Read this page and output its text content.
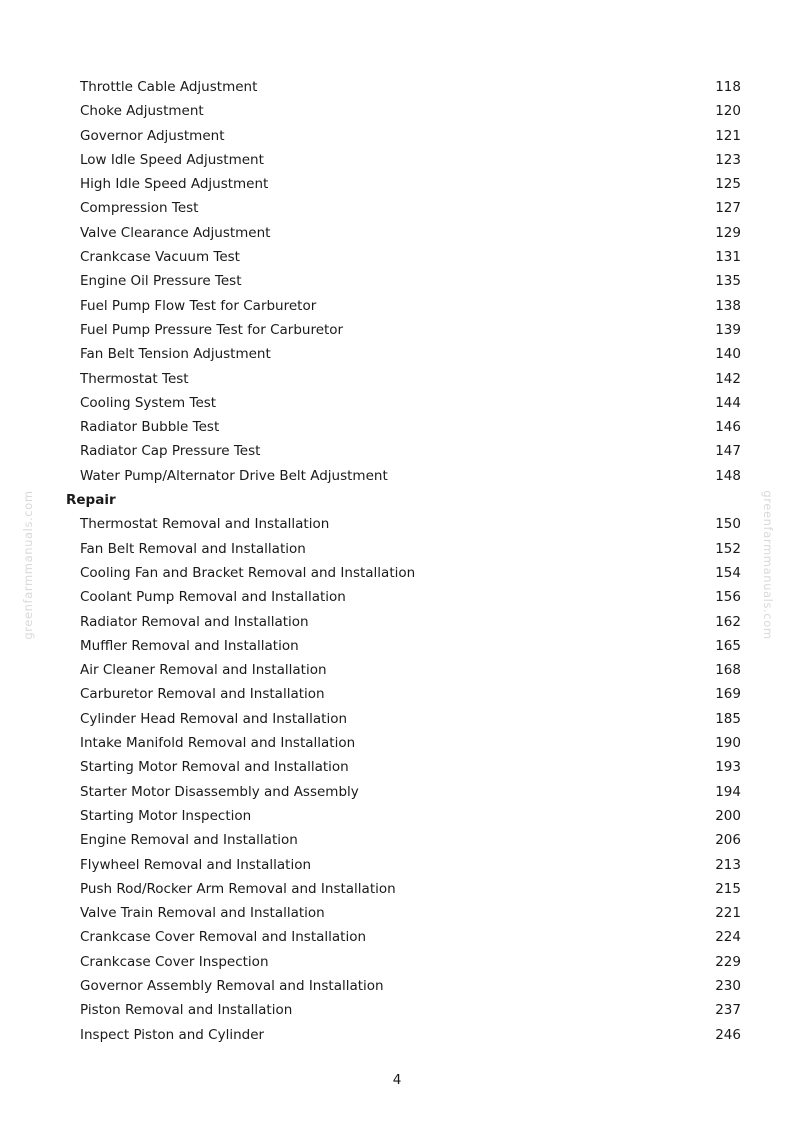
greenfarmmanuals.com	greenfarmmanuals.com
Throttle Cable Adjustment	118
Choke Adjustment	120
Governor Adjustment	121
Low Idle Speed Adjustment	123
High Idle Speed Adjustment	125
Compression Test	127
Valve Clearance Adjustment	129
Crankcase Vacuum Test	131
Engine Oil Pressure Test	135
Fuel Pump Flow Test for Carburetor	138
Fuel Pump Pressure Test for Carburetor	139
Fan Belt Tension Adjustment	140
Thermostat Test	142
Cooling System Test	144
Radiator Bubble Test	146
Radiator Cap Pressure Test	147
Water Pump/Alternator Drive Belt Adjustment	148
Repair
Thermostat Removal and Installation	150
Fan Belt Removal and Installation	152
Cooling Fan and Bracket Removal and Installation	154
Coolant Pump Removal and Installation	156
Radiator Removal and Installation	162
Muffler Removal and Installation	165
Air Cleaner Removal and Installation	168
Carburetor Removal and Installation	169
Cylinder Head Removal and Installation	185
Intake Manifold Removal and Installation	190
Starting Motor Removal and Installation	193
Starter Motor Disassembly and Assembly	194
Starting Motor Inspection	200
Engine Removal and Installation	206
Flywheel Removal and Installation	213
Push Rod/Rocker Arm Removal and Installation	215
Valve Train Removal and Installation	221
Crankcase Cover Removal and Installation	224
Crankcase Cover Inspection	229
Governor Assembly Removal and Installation	230
Piston Removal and Installation	237
Inspect Piston and Cylinder	246
4
